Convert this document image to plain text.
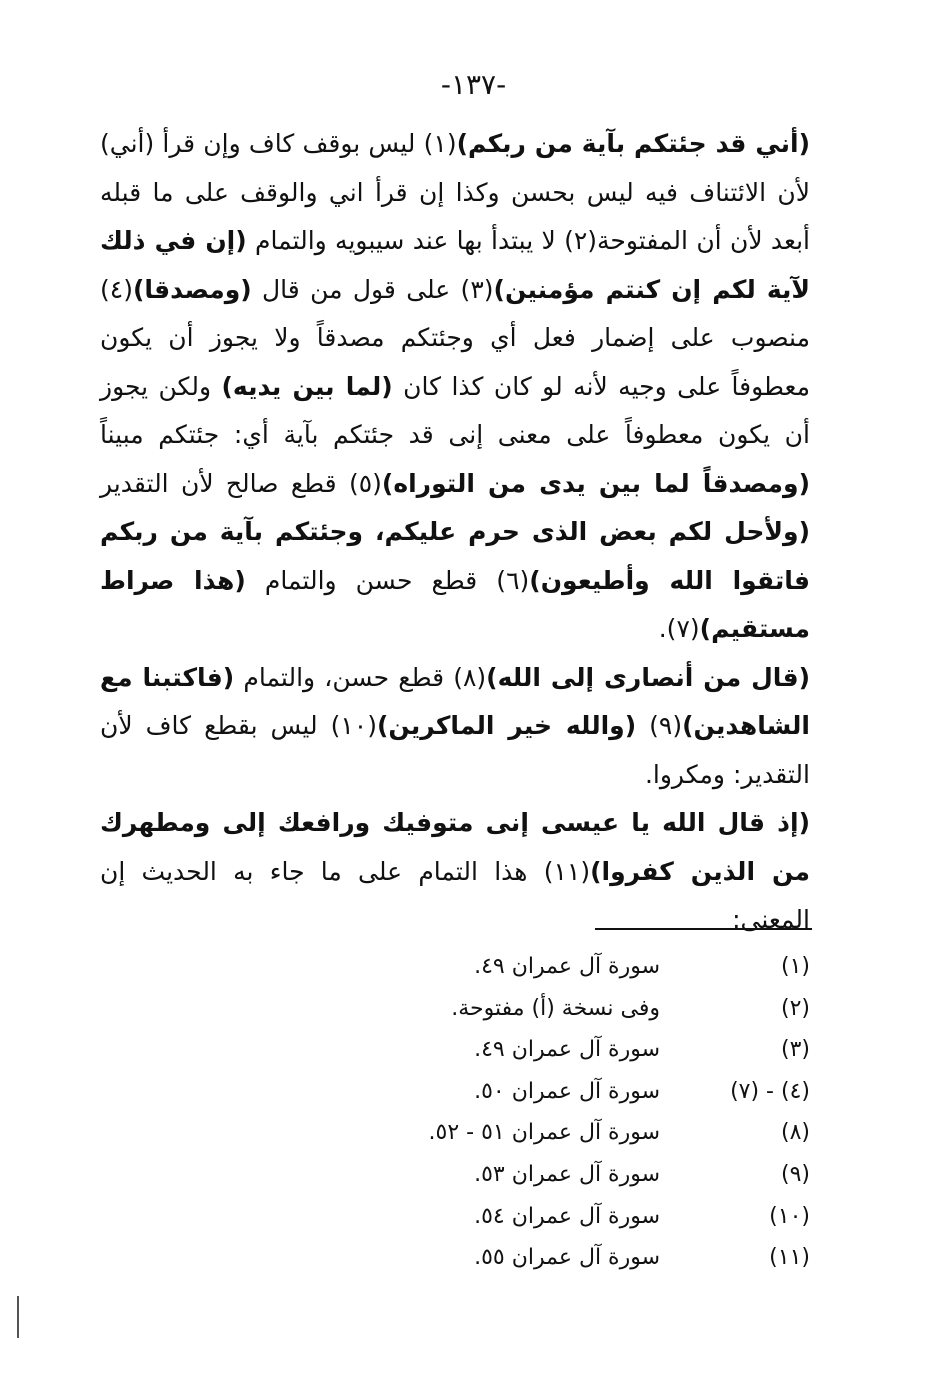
-١٣٧-

(أني قد جئتكم بآية من ربكم)(١) ليس بوقف كاف وإن قرأ (أني) لأن الائتناف فيه ليس بحسن وكذا إن قرأ اني والوقف على ما قبله أبعد لأن أن المفتوحة(٢) لا يبتدأ بها عند سيبويه والتمام (إن في ذلك لآية لكم إن كنتم مؤمنين)(٣) على قول من قال (ومصدقا)(٤) منصوب على إضمار فعل أي وجئتكم مصدقاً ولا يجوز أن يكون معطوفاً على وجيه لأنه لو كان كذا كان (لما بين يديه) ولكن يجوز أن يكون معطوفاً على معنى إنى قد جئتكم بآية أي: جئتكم مبيناً (ومصدقاً لما بين يدى من التوراه)(٥) قطع صالح لأن التقدير (ولأحل لكم بعض الذى حرم عليكم، وجئتكم بآية من ربكم فاتقوا الله وأطيعون)(٦) قطع حسن والتمام (هذا صراط مستقيم)(٧).

(قال من أنصارى إلى الله)(٨) قطع حسن، والتمام (فاكتبنا مع الشاهدين)(٩) (والله خير الماكرين)(١٠) ليس بقطع كاف لأن التقدير: ومكروا.

(إذ قال الله يا عيسى إنى متوفيك ورافعك إلى ومطهرك من الذين كفروا)(١١) هذا التمام على ما جاء به الحديث إن المعنى:

(١)
سورة آل عمران ٤٩.
(٢)
وفى نسخة (أ) مفتوحة.
(٣)
سورة آل عمران ٤٩.
(٤) - (٧)
سورة آل عمران ٥٠.
(٨)
سورة آل عمران ٥١ - ٥٢.
(٩)
سورة آل عمران ٥٣.
(١٠)
سورة آل عمران ٥٤.
(١١)
سورة آل عمران ٥٥.
